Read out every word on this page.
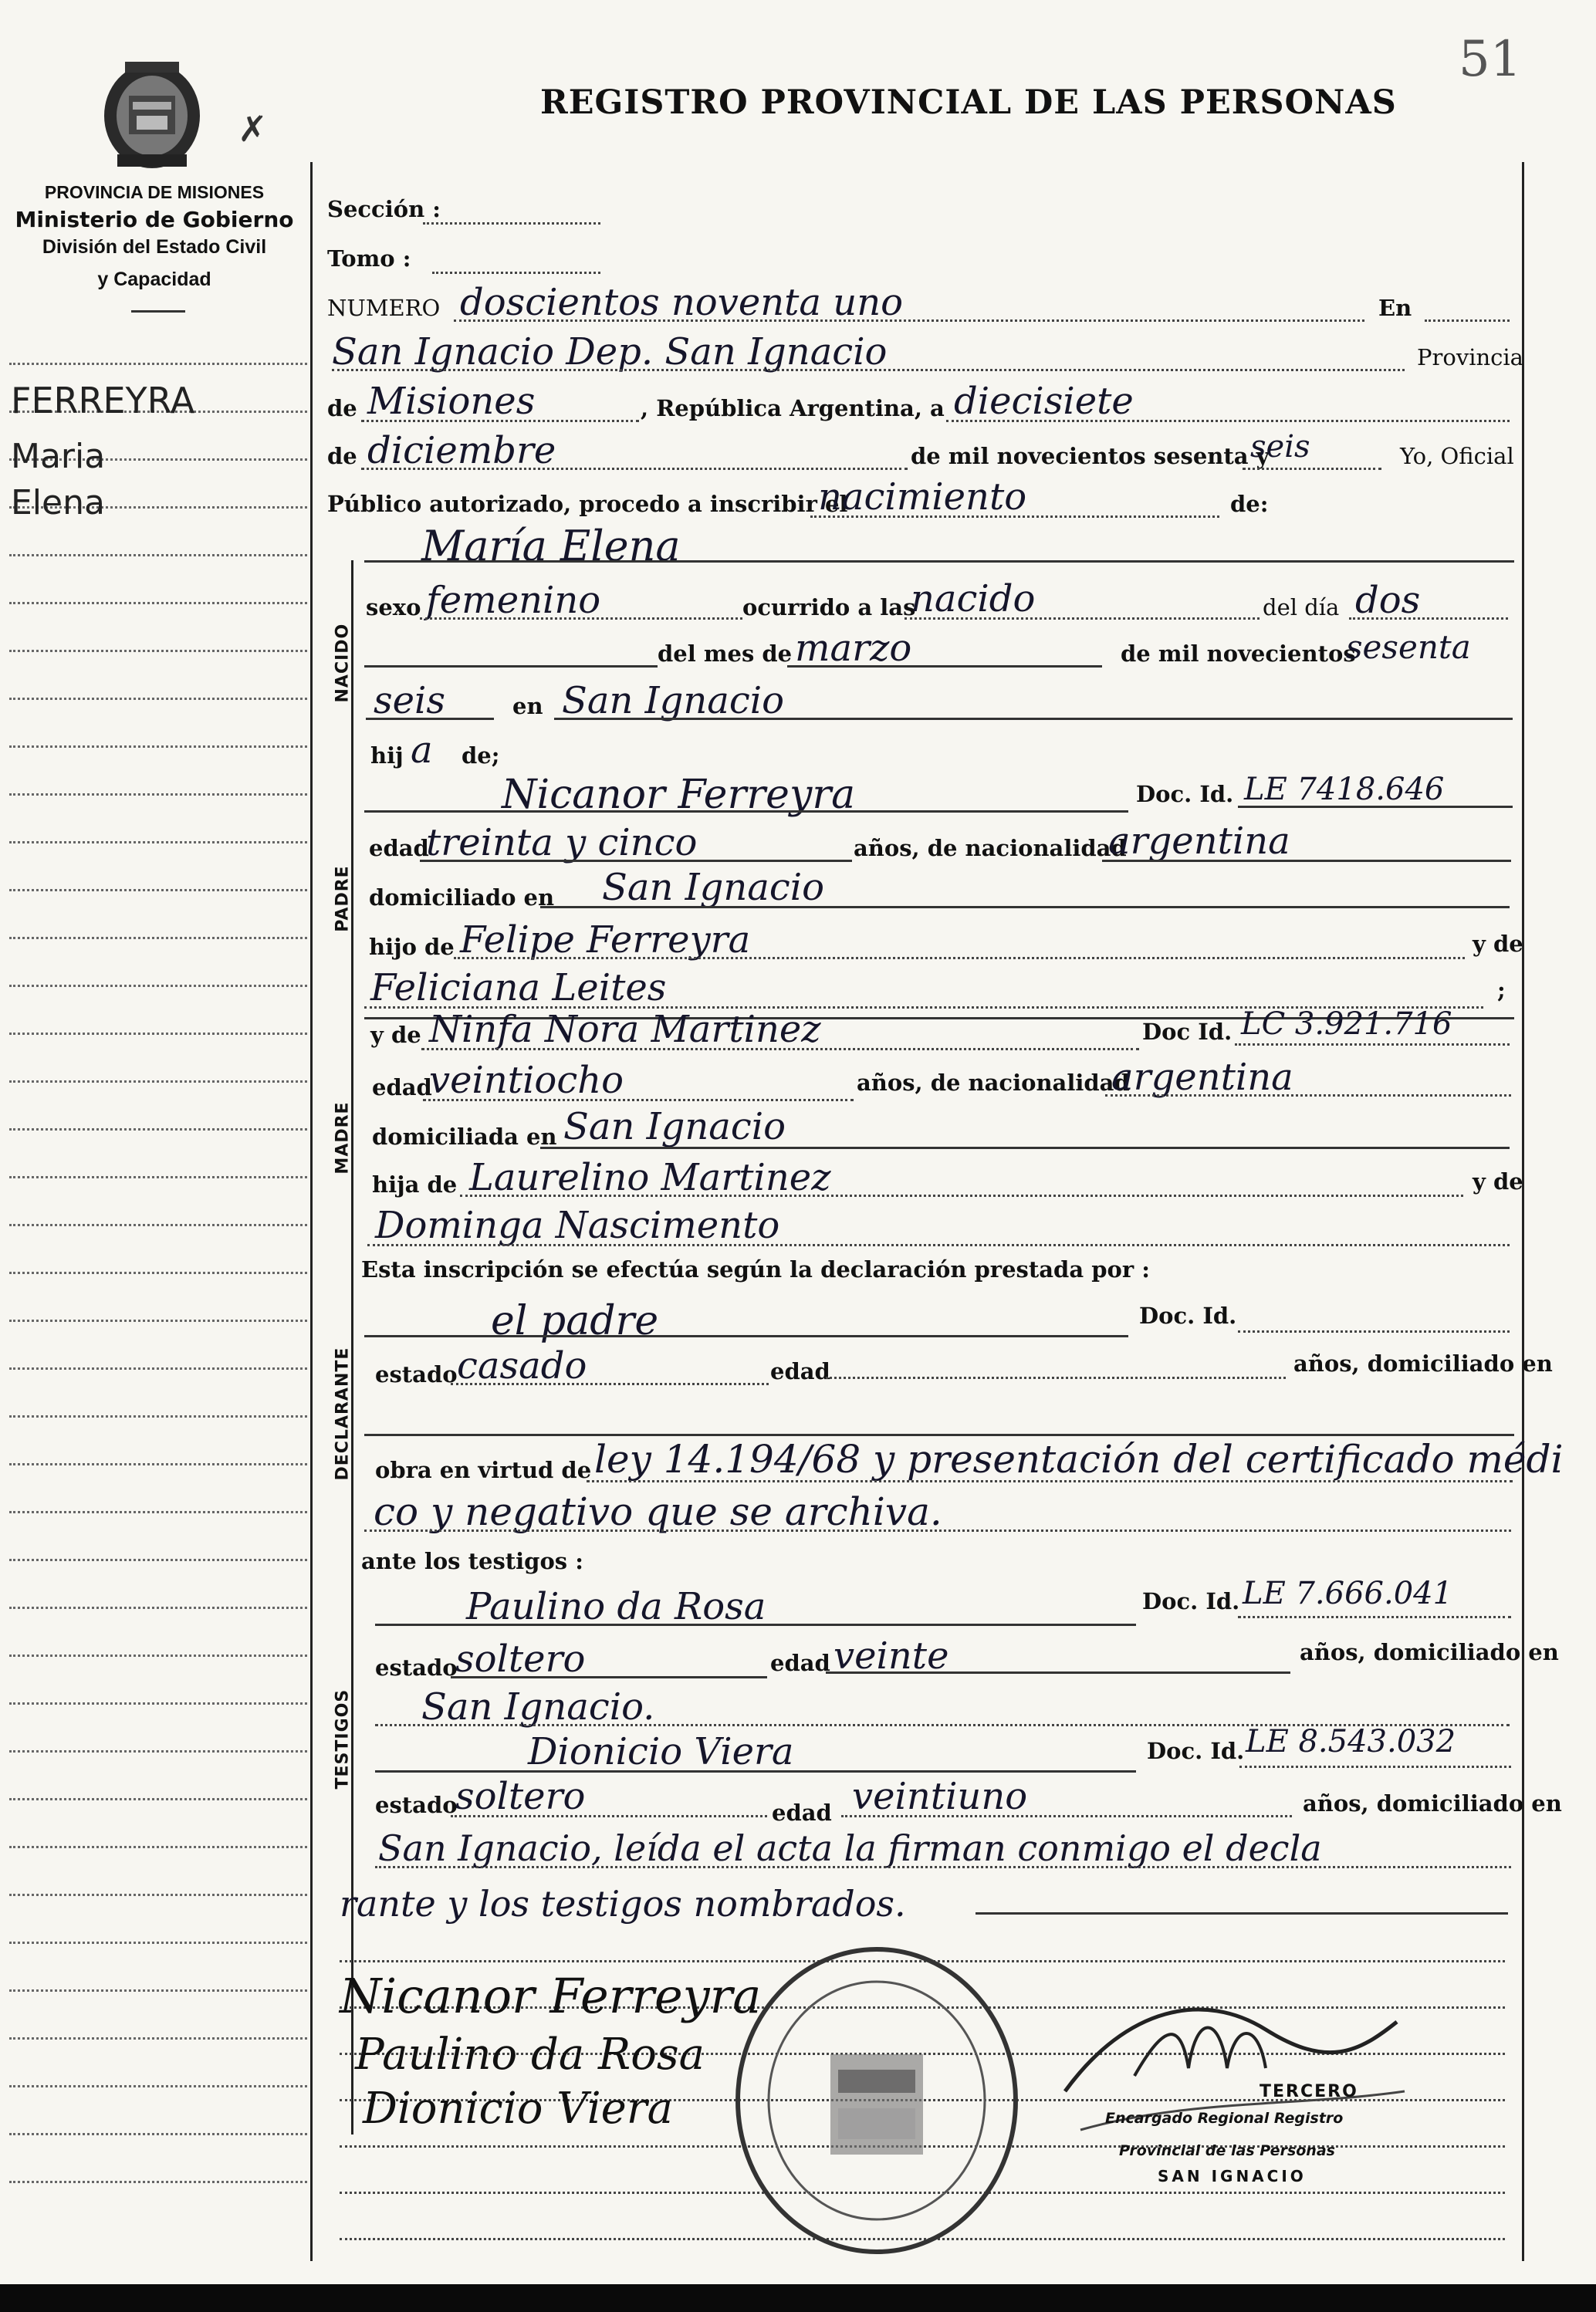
51
✗
PROVINCIA DE MISIONES
Ministerio de Gobierno
División del Estado Civil
y Capacidad
REGISTRO PROVINCIAL DE LAS PERSONAS
FERREYRA
Maria
Elena
NACIDO
PADRE
MADRE
DECLARANTE
TESTIGOS
Sección :
Tomo :
NUMERO doscientos noventa uno	En
San Ignacio Dep. San Ignacio	Provincia
de Misiones	, República Argentina, a diecisiete
de diciembre	de mil novecientos sesenta y
seis	Yo, Oficial
Público autorizado, procedo a inscribir el
nacimiento	de:
María Elena
sexo femenino	ocurrido a las
nacido	del día dos
del mes de marzo	de mil novecientos
sesenta
seis	en San Ignacio
hij a de;
Nicanor Ferreyra	Doc. Id. LE 7418.646
edad
treinta y cinco	años, de nacionalidad
argentina
domiciliado en San Ignacio
hijo de Felipe Ferreyra	y de
Feliciana Leites	;
y de Ninfa Nora Martinez	Doc Id. LC 3.921.716
edad
veintiocho	años, de nacionalidad
argentina
domiciliada en San Ignacio
hija de Laurelino Martinez	y de
Dominga Nascimento
Esta inscripción se efectúa según la declaración prestada por :
el padre	Doc. Id.
estado casado	edad	años, domiciliado en
obra en virtud de ley 14.194/68 y presentación del certificado médi
co y negativo que se archiva.
ante los testigos :
Paulino da Rosa	Doc. Id. LE 7.666.041
estado
soltero	edad veinte	años, domiciliado en
San Ignacio.
Dionicio Viera	Doc. Id. LE 8.543.032
estado
soltero	edad veintiuno	años, domiciliado en
San Ignacio, leída el acta la firman conmigo el decla
rante y los testigos nombrados.
Nicanor Ferreyra
Paulino da Rosa
Dionicio Viera	TERCERO
Encargado Regional Registro
Provincial de las Personas
SAN IGNACIO
